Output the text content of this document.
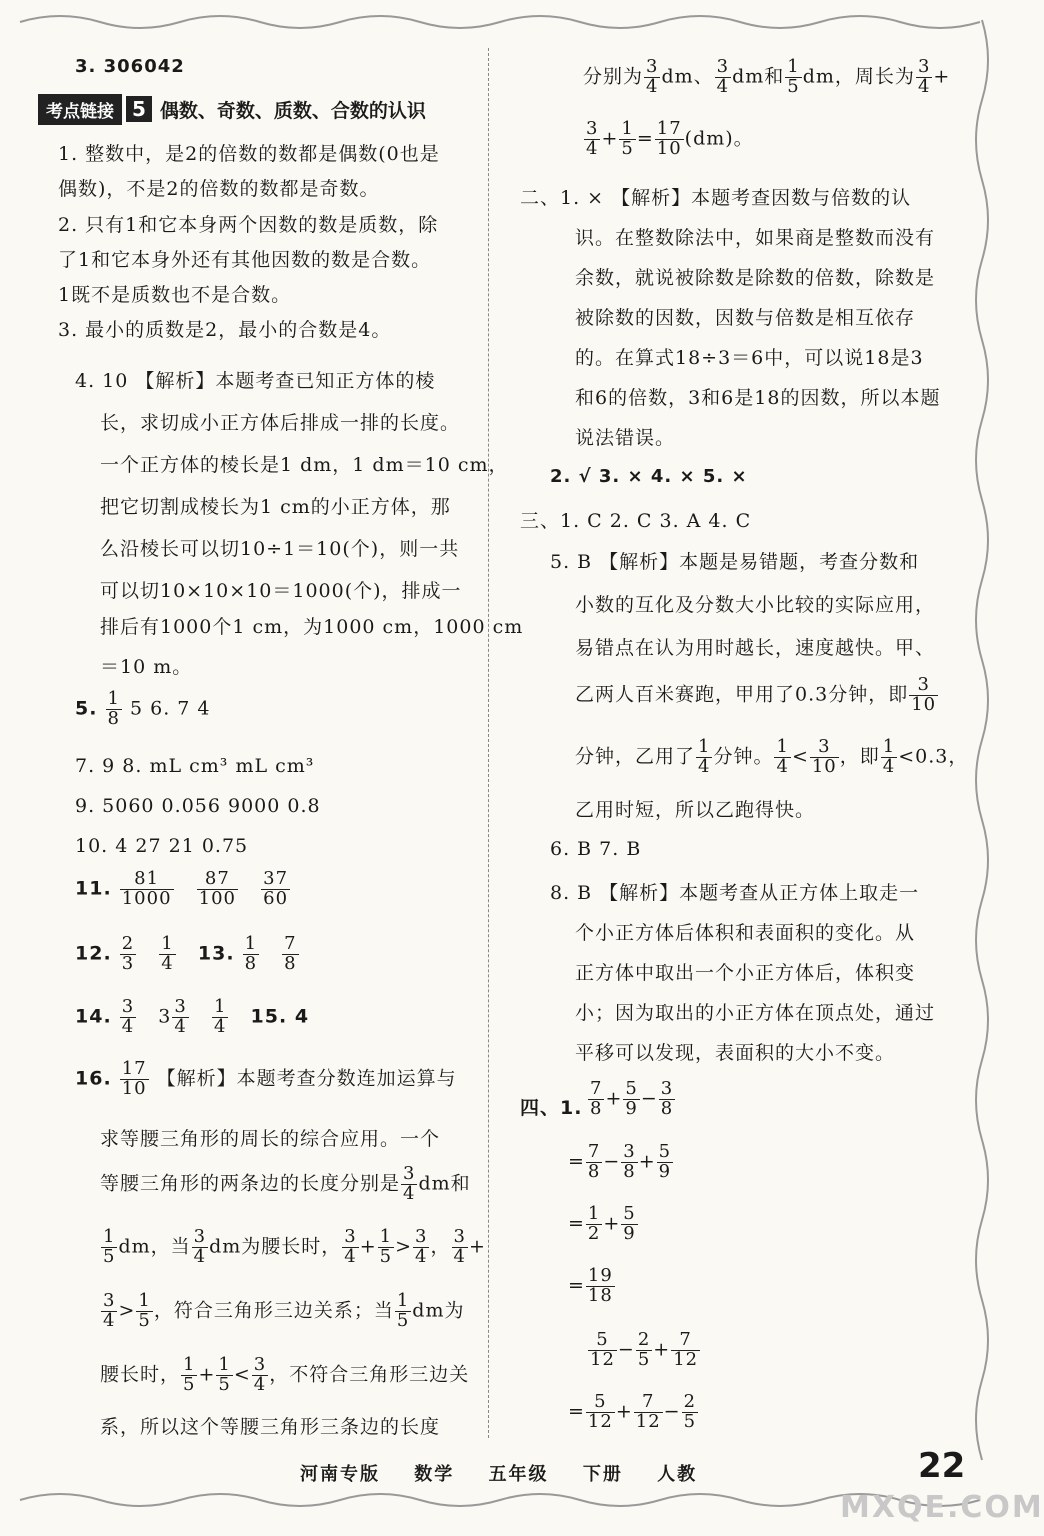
3. 306042
考点链接 5 偶数、奇数、质数、合数的认识
1. 整数中，是2的倍数的数都是偶数(0也是
偶数)，不是2的倍数的数都是奇数。
2. 只有1和它本身两个因数的数是质数，除
了1和它本身外还有其他因数的数是合数。
1既不是质数也不是合数。
3. 最小的质数是2，最小的合数是4。
4. 10 【解析】本题考查已知正方体的棱
长，求切成小正方体后排成一排的长度。
一个正方体的棱长是1 dm，1 dm＝10 cm，
把它切割成棱长为1 cm的小正方体，那
么沿棱长可以切10÷1＝10(个)，则一共
可以切10×10×10＝1000(个)，排成一
排后有1000个1 cm，为1000 cm，1000 cm
＝10 m。
5. $\frac{1}{8} 5$ 6. 7 4
7. 9 8. mL cm³ mL cm³
9. 5060 0.056 9000 0.8
10. 4 27 21 0.75
11. $\frac{81}{1000}$
$\frac{87}{100}$
$\frac{37}{60}$
12. $\frac{2}{3}$
$\frac{1}{4} 13$. $\frac{1}{8}$
$\frac{7}{8}$
14. $\frac{3}{4} 3 \frac{3}{4}$
$\frac{1}{4} 15$. 4
16. $\frac{17}{10}$ 【解析】本题考查分数连加运算与
求等腰三角形的周长的综合应用。一个
等腰三角形的两条边的长度分别是 $\frac{3}{4}$ dm和
$\frac{1}{5}$ dm，当 $\frac{3}{4}$ dm为腰长时， $\frac{3}{4} + \frac{1}{5} > \frac{3}{4}$ ， $\frac{3}{4}$ +
$\frac{3}{4} > \frac{1}{5}$ ，符合三角形三边关系；当 $\frac{1}{5}$ dm为
腰长时， $\frac{1}{5} + \frac{1}{5} < \frac{3}{4}$ ，不符合三角形三边关
系，所以这个等腰三角形三条边的长度
分别为 $\frac{3}{4}$ dm、 $\frac{3}{4}$ dm和 $\frac{1}{5}$ dm，周长为 $\frac{3}{4}$ +
$\frac{3}{4} + \frac{1}{5} = \frac{17}{10} (dm)$。
二、1. × 【解析】本题考查因数与倍数的认
识。在整数除法中，如果商是整数而没有
余数，就说被除数是除数的倍数，除数是
被除数的因数，因数与倍数是相互依存
的。在算式18÷3＝6中，可以说18是3
和6的倍数，3和6是18的因数，所以本题
说法错误。
2. √ 3. × 4. × 5. ×
三、1. C 2. C 3. A 4. C
5. B 【解析】本题是易错题，考查分数和
小数的互化及分数大小比较的实际应用，
易错点在认为用时越长，速度越快。甲、
乙两人百米赛跑，甲用了0.3分钟，即 $\frac{3}{10}$
分钟，乙用了 $\frac{1}{4}$ 分钟。 $\frac{1}{4} < \frac{3}{10}$ ，即 $\frac{1}{4} <0.3$，
乙用时短，所以乙跑得快。
6. B 7. B
8. B 【解析】本题考查从正方体上取走一
个小正方体后体积和表面积的变化。从
正方体中取出一个小正方体后，体积变
小；因为取出的小正方体在顶点处，通过
平移可以发现，表面积的大小不变。
四、1. $\frac{7}{8} + \frac{5}{9} - \frac{3}{8}$
= $\frac{7}{8} - \frac{3}{8} + \frac{5}{9}$
= $\frac{1}{2} + \frac{5}{9}$
= $\frac{19}{18}$
$\frac{5}{12} - \frac{2}{5} + \frac{7}{12}$
= $\frac{5}{12} + \frac{7}{12} - \frac{2}{5}$
河南专版 数学 五年级 下册 人教	22
MXQE.COM
